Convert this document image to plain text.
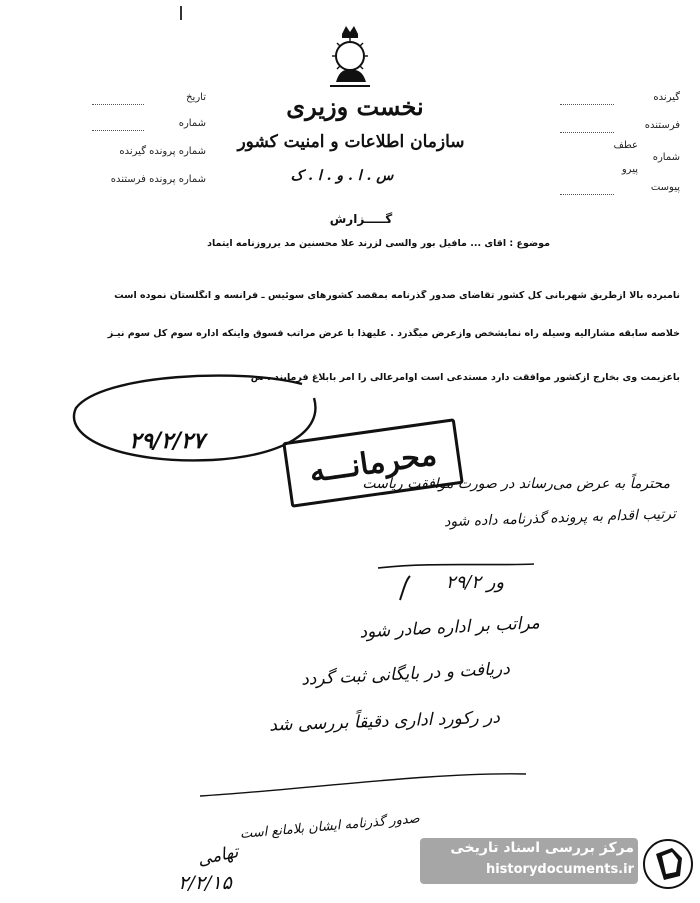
نخست وزیری
سازمان اطلاعات و امنیت کشور
س . ا . و . ا . ک
تاریخ
شماره
شماره پرونده گیرنده
شماره پرونده فرستنده
گیرنده
فرستنده
عطف
شماره
پیرو
پیوست
گـــــزارش
موضوع : اقای ... مافیل بور والسی لزرند علا محسنین مد یرروزنامه ایتماد
نامبرده بالا ازطریق شهربانی کل کشور تقاضای صدور گذرنامه بمقصد کشورهای سوئیس ـ فرانسه و انگلستان نموده است
خلاصه سابقه مشارالیه وسیله راه نمایشخص وازعرض میگذرد . علیهذا با عرض مراتب فسوق واینکه اداره سوم کل سوم نیـز
باعزیمت وی بخارج ازکشور موافقت دارد مستدعی است اوامرعالی را امر بابلاغ فرمایند . س
۲۹/۲/۲۷	محرمانـــه
محترماً به عرض می‌رساند در صورت موافقت ریاست
ترتیب اقدام به پرونده گذرنامه داده شود
۲۹/۲ ور
مراتب بر اداره صادر شود
دریافت و در بایگانی ثبت گردد
در رکورد اداری دقیقاً بررسی شد
صدور گذرنامه ایشان بلامانع است
تهامی
۲/۲/۱۵
مرکز بررسی اسناد تاریخی
historydocuments.ir
